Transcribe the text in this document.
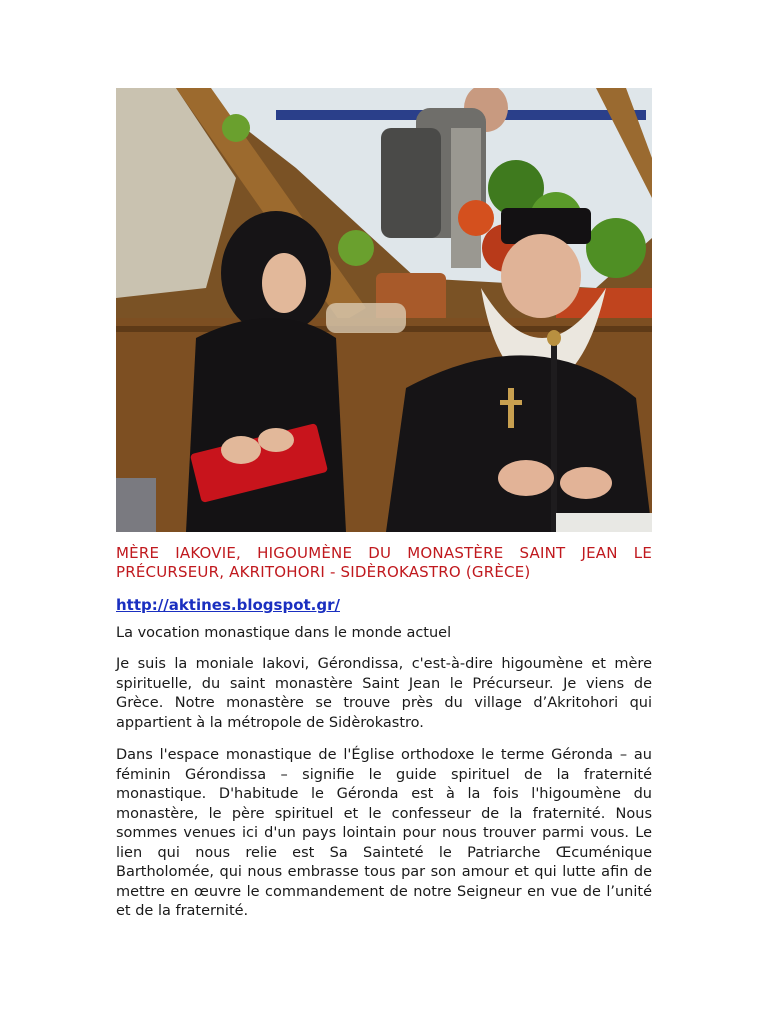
MÈRE IAKOVIE, HIGOUMÈNE DU MONASTÈRE SAINT JEAN LE PRÉCURSEUR, AKRITOHORI - SIDÈROKASTRO (GRÈCE)

http://aktines.blogspot.gr/

La vocation monastique dans le monde actuel

Je suis la moniale Iakovi, Gérondissa, c'est-à-dire higoumène et mère spirituelle, du saint monastère Saint Jean le Précurseur. Je viens de Grèce. Notre monastère se trouve près du village d’Akritohori qui appartient à la métropole de Sidèrokastro.

Dans l'espace monastique de l'Église orthodoxe le terme Géronda – au féminin Gérondissa – signifie le guide spirituel de la fraternité monastique. D'habitude le Géronda est à la fois l'higoumène du monastère, le père spirituel et le confesseur de la fraternité. Nous sommes venues ici d'un pays lointain pour nous trouver parmi vous. Le lien qui nous relie est Sa Sainteté le Patriarche Œcuménique Bartholomée, qui nous embrasse tous par son amour et qui lutte afin de mettre en œuvre le commandement de notre Seigneur en vue de l’unité et de la fraternité.
